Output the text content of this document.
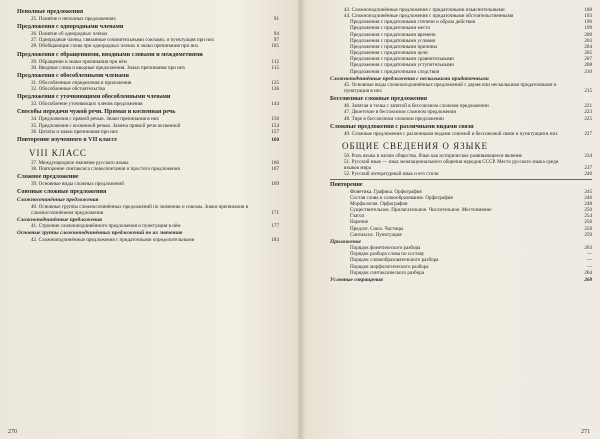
Неполные предложения
25. Понятие о неполных предложениях	91
Предложения с однородными членами
26. Понятие об однородных членах	94
27. Однородные члены, связанные сочинительными союзами, и пунктуация при них	97
28. Обобщающие слова при однородных членах и знаки препинания при них	105
Предложения с обращениями, вводными словами и междометиями
29. Обращение и знаки препинания при нём	112
30. Вводные слова и вводные предложения. Знаки препинания при них	115
Предложения с обособленными членами
31. Обособленные определения и приложения	125
32. Обособленные обстоятельства	136
Предложения с уточняющими обособленными членами
33. Обособление уточняющих членов предложения	144
Способы передачи чужой речи. Прямая и косвенная речь
34. Предложения с прямой речью. Знаки препинания в них	150
35. Предложения с косвенной речью. Замена прямой речи косвенной	154
36. Цитаты и знаки препинания при них	157
Повторение изученного в VII классе	160
VIII КЛАСС
37. Международное значение русского языка	166
38. Повторение синтаксиса словосочетания и простого предложения	167
Сложное предложение
39. Основные виды сложных предложений	169
Союзные сложные предложения
Сложносочинённые предложения
40. Основные группы сложносочинённых предложений по значению и союзам. Знаки препинания в сложносочинённом предложении	171
Сложноподчинённые предложения
41. Строение сложноподчинённого предложения и пунктуация в нём	177
Основные группы сложноподчинённых предложений по их значению
42. Сложноподчинённые предложения с придаточными определительными	183
270
43. Сложноподчинённые предложения с придаточными изъяснительными	188
44. Сложноподчинённые предложения с придаточными обстоятельственными	193
Предложения с придаточными степени и образа действия	196
Предложения с придаточными места	199
Предложения с придаточными времени	200
Предложения с придаточными условия	203
Предложения с придаточными причины	204
Предложения с придаточными цели	205
Предложения с придаточными сравнительными	207
Предложения с придаточными уступительными	208
Предложения с придаточными следствия	210
Сложноподчинённые предложения с несколькими придаточными
45. Основные виды сложноподчинённых предложений с двумя или несколькими придаточными и пунктуация в них	215
Бессоюзные сложные предложения
46. Запятая и точка с запятой в бессоюзном сложном предложении	221
47. Двоеточие в бессоюзном сложном предложении	223
48. Тире в бессоюзном сложном предложении	225
Сложные предложения с различными видами связи
49. Сложные предложения с различными видами союзной и бессоюзной связи и пунктуация в них	227
ОБЩИЕ СВЕДЕНИЯ О ЯЗЫКЕ
50. Роль языка в жизни общества. Язык как историческое развивающееся явление	234
51. Русский язык — язык межнационального общения народов СССР. Место русского языка среди языков мира	237
52. Русский литературный язык и его стили	240
Повторение
Фонетика. Графика. Орфография	245
Состав слова и словообразование. Орфография	246
Морфология. Орфография	248
Существительное. Прилагательное. Числительное. Местоимение	250
Глагол	254
Наречие	256
Предлог. Союз. Частицы	258
Синтаксис. Пунктуация	259
Приложение
Порядок фонетического разбора	263
Порядок разбора слова по составу	—
Порядок словообразовательного разбора	—
Порядок морфологического разбора	—
Порядок синтаксического разбора	264
Условные сокращения	268
271
